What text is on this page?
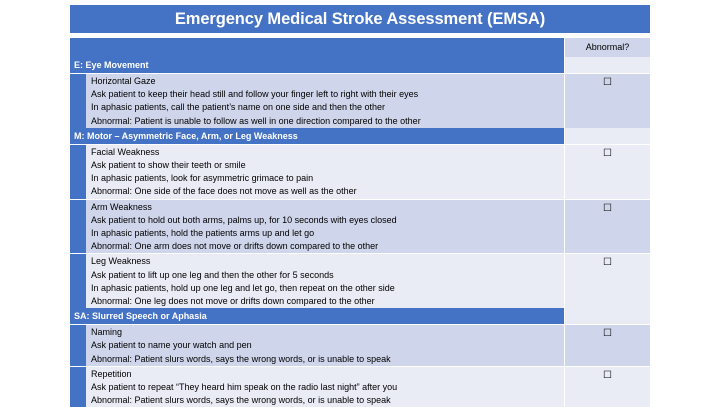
Emergency Medical Stroke Assessment (EMSA)
Abnormal?
E: Eye Movement
Horizontal Gaze
Ask patient to keep their head still and follow your finger left to right with their eyes
In aphasic patients, call the patient’s name on one side and then the other
Abnormal: Patient is unable to follow as well in one direction compared to the other
☐
M: Motor – Asymmetric Face, Arm, or Leg Weakness
Facial Weakness
Ask patient to show their teeth or smile
In aphasic patients, look for asymmetric grimace to pain
Abnormal: One side of the face does not move as well as the other
☐
Arm Weakness
Ask patient to hold out both arms, palms up, for 10 seconds with eyes closed
In aphasic patients, hold the patients arms up and let go
Abnormal: One arm does not move or drifts down compared to the other
☐
Leg Weakness
Ask patient to lift up one leg and then the other for 5 seconds
In aphasic patients, hold up one leg and let go, then repeat on the other side
Abnormal: One leg does not move or drifts down compared to the other
☐
SA: Slurred Speech or Aphasia
Naming
Ask patient to name your watch and pen
Abnormal: Patient slurs words, says the wrong words, or is unable to speak
☐
Repetition
Ask patient to repeat “They heard him speak on the radio last night” after you
Abnormal: Patient slurs words, says the wrong words, or is unable to speak
☐
